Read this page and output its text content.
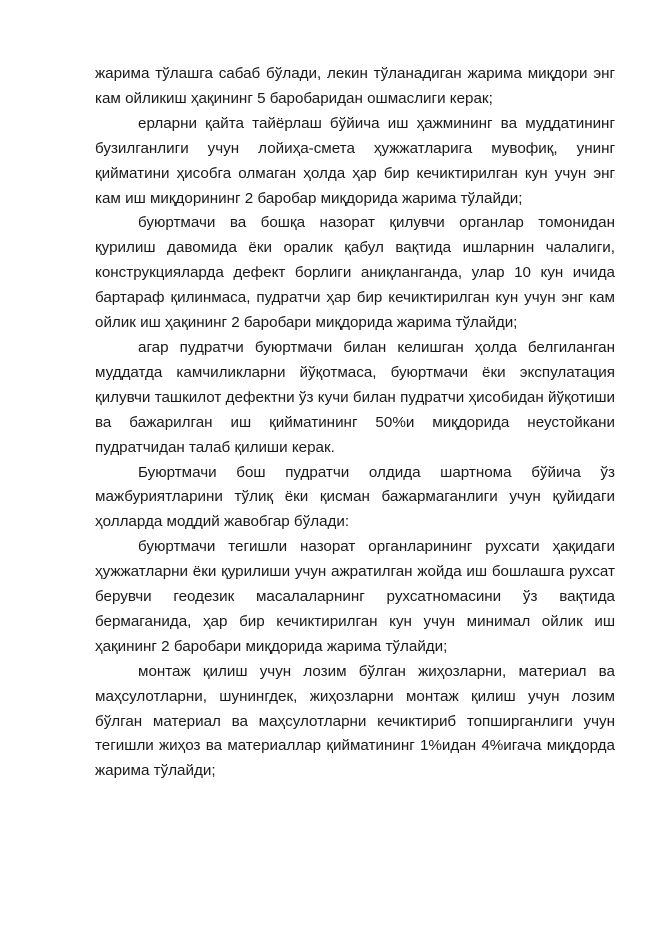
жарима тўлашга сабаб бўлади, лекин тўланадиган жарима миқдори энг кам ойликиш ҳақининг 5 баробаридан ошмаслиги керак;

ерларни қайта тайёрлаш бўйича иш ҳажмининг ва муддатининг бузилганлиги учун лойиҳа-смета ҳужжатларига мувофиқ, унинг қийматини ҳисобга олмаган ҳолда ҳар бир кечиктирилган кун учун энг кам иш миқдорининг 2 баробар миқдорида жарима тўлайди;

буюртмачи ва бошқа назорат қилувчи органлар томонидан қурилиш давомида ёки оралик қабул вақтида ишларнин чалалиги, конструкцияларда дефект борлиги аниқланганда, улар 10 кун ичида бартараф қилинмаса, пудратчи ҳар бир кечиктирилган кун учун энг кам ойлик иш ҳақининг 2 баробари миқдорида жарима тўлайди;

агар пудратчи буюртмачи билан келишган ҳолда белгиланган муддатда камчиликларни йўқотмаса, буюртмачи ёки экспулатация қилувчи ташкилот дефектни ўз кучи билан пудратчи ҳисобидан йўқотиши ва бажарилган иш қийматининг 50%и миқдорида неустойкани пудратчидан талаб қилиши керак.

Буюртмачи бош пудратчи олдида шартнома бўйича ўз мажбуриятларини тўлиқ ёки қисман бажармаганлиги учун қуйидаги ҳолларда моддий жавобгар бўлади:

буюртмачи тегишли назорат органларининг рухсати ҳақидаги ҳужжатларни ёки қурилиши учун ажратилган жойда иш бошлашга рухсат берувчи геодезик масалаларнинг рухсатномасини ўз вақтида бермаганида, ҳар бир кечиктирилган кун учун минимал ойлик иш ҳақининг 2 баробари миқдорида жарима тўлайди;

монтаж қилиш учун лозим бўлган жиҳозларни, материал ва маҳсулотларни, шунингдек, жиҳозларни монтаж қилиш учун лозим бўлган материал ва маҳсулотларни кечиктириб топширганлиги учун тегишли жиҳоз ва материаллар қийматининг 1%идан 4%игача миқдорда жарима тўлайди;
